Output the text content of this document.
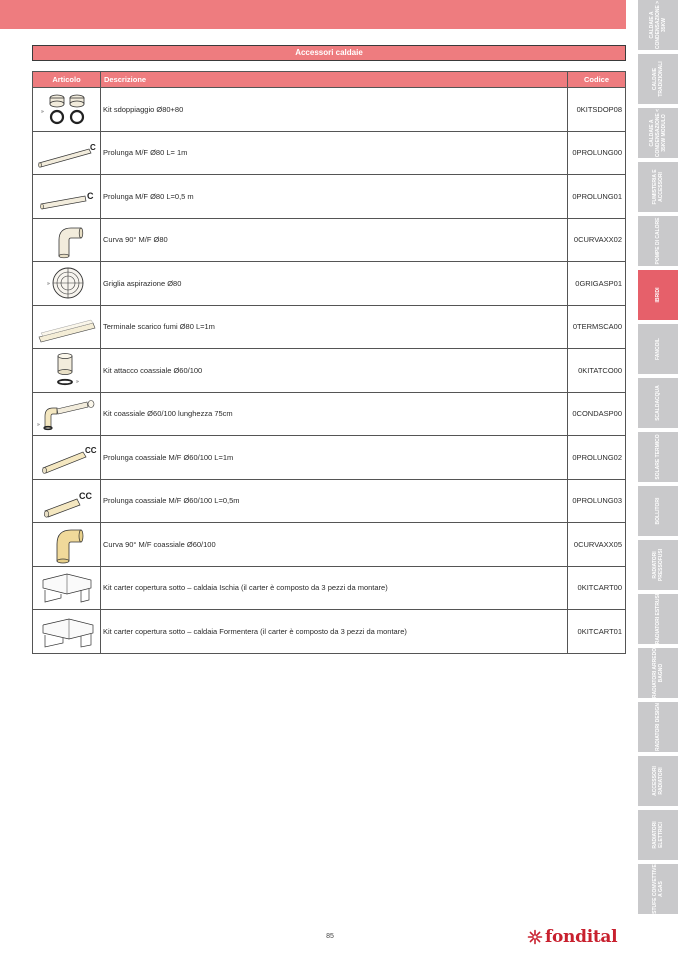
CALDAIE A CONDENSAZIONE > 35KW
CALDAIE TRADIZIONALI
CALDAIE A CONDENSAZIONE < 35KW MODULO
FUMISTERIA E ACCESSORI
POMPE DI CALORE
IBRIDI
FANCOIL
SCALDACQUA
SOLARE TERMICO
BOLLITORI
RADIATORI PRESSOFUSI
RADIATORI ESTRUSI
RADIATORI ARREDO BAGNO
RADIATORI DESIGN
ACCESSORI RADIATORI
RADIATORI ELETTRICI
STUFE CONVETTIVE A GAS
Accessori caldaie
Articolo	Descrizione	Codice

»	Kit sdoppiaggio Ø80+80	0KITSDOP08

C	Prolunga M/F Ø80 L= 1m	0PROLUNG00

C	Prolunga M/F Ø80 L=0,5 m	0PROLUNG01

	Curva 90° M/F Ø80	0CURVAXX02

»	Griglia aspirazione Ø80	0GRIGASP01

	Terminale scarico fumi Ø80 L=1m	0TERMSCA00

»	Kit attacco coassiale Ø60/100	0KITATCO00

»	Kit coassiale Ø60/100 lunghezza 75cm	0CONDASP00

CC	Prolunga coassiale M/F Ø60/100 L=1m	0PROLUNG02

CC	Prolunga coassiale M/F Ø60/100 L=0,5m	0PROLUNG03

	Curva 90° M/F coassiale Ø60/100	0CURVAXX05

	Kit carter copertura sotto – caldaia Ischia (il carter è composto da 3 pezzi da montare)	0KITCART00

	Kit carter copertura sotto – caldaia Formentera (il carter è composto da 3 pezzi da montare)	0KITCART01
85	fondital
